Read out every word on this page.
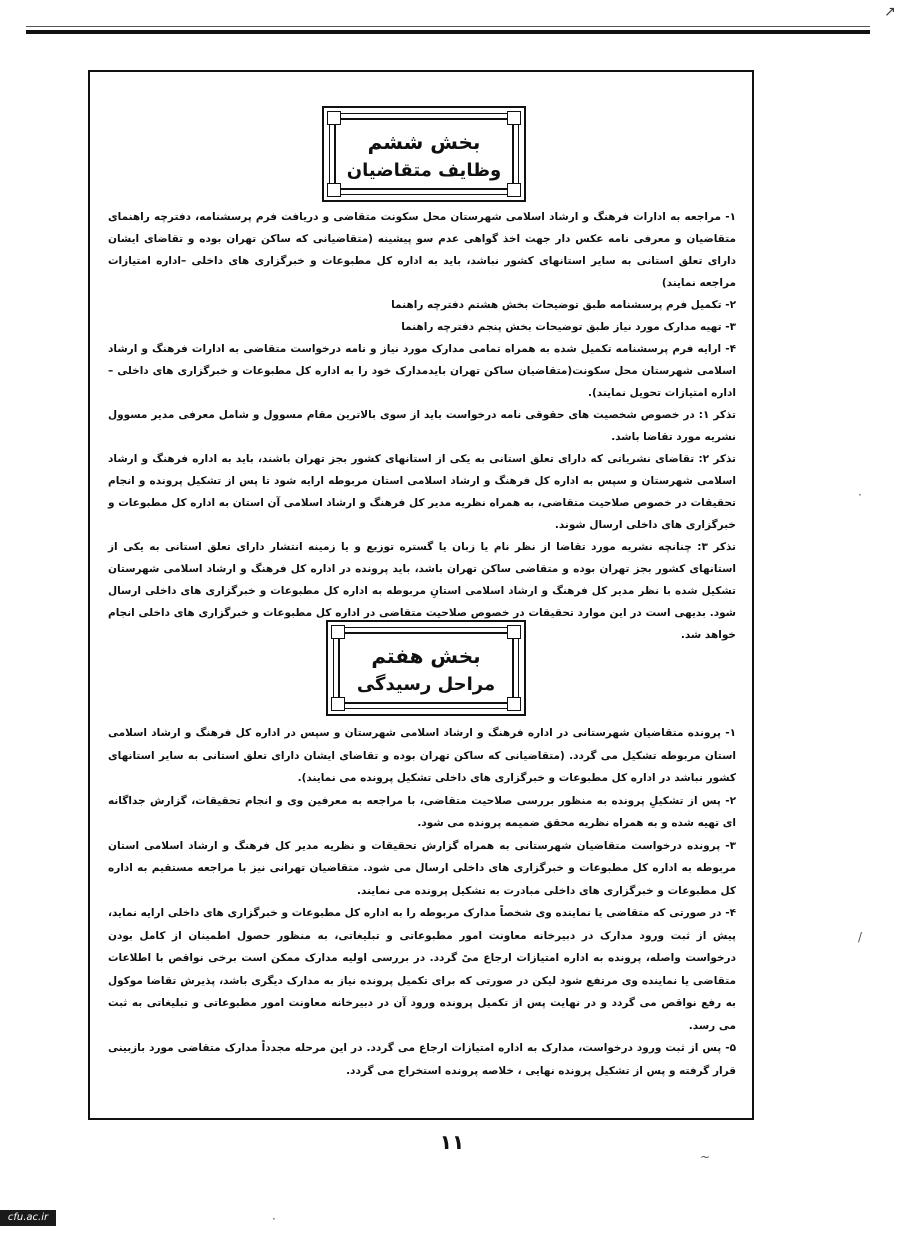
↗
·
/
~
·
بخش ششم
وظایف متقاضیان

۱- مراجعه به ادارات فرهنگ و ارشاد اسلامی شهرستان محل سکونت متقاضی و دریافت فرم پرسشنامه، دفترچه راهنمای متقاضیان و معرفی نامه عکس دار جهت اخذ گواهی عدم سو پیشینه (متقاضیانی که ساکن تهران بوده و تقاضای ایشان دارای تعلق استانی به سایر استانهای کشور نباشد، باید به اداره کل مطبوعات و خبرگزاری های داخلی –اداره امتیازات مراجعه نمایند)

۲- تکمیل فرم پرسشنامه طبق توضیحات بخش هشتم دفترچه راهنما

۳- تهیه مدارک مورد نیاز طبق توضیحات بخش پنجم دفترچه راهنما

۴- ارایه فرم پرسشنامه تکمیل شده به همراه تمامی مدارک مورد نیاز و نامه درخواست متقاضی به ادارات فرهنگ و ارشاد اسلامی شهرستان محل سکونت(متقاضیان ساکن تهران بایدمدارک خود را به اداره کل مطبوعات و خبرگزاری های داخلی –اداره امتیازات تحویل نمایند).

تذکر ۱: در خصوص شخصیت های حقوقی نامه درخواست باید از سوی بالاترین مقام مسوول و شامل معرفی مدیر مسوول نشریه مورد تقاضا باشد.

تذکر ۲: تقاضای نشریاتی که دارای تعلق استانی به یکی از استانهای کشور بجز تهران باشند، باید به اداره فرهنگ و ارشاد اسلامی شهرستان و سپس به اداره کل فرهنگ و ارشاد اسلامی استان مربوطه ارایه شود تا پس از تشکیل پرونده و انجام تحقیقات در خصوص صلاحیت متقاضی، به همراه نظریه مدیر کل فرهنگ و ارشاد اسلامی آن استان به اداره کل مطبوعات و خبرگزاری های داخلی ارسال شوند.

تذکر ۳: چنانچه نشریه مورد تقاضا از نظر نام یا زبان یا گستره توزیع و یا زمینه انتشار دارای تعلق استانی به یکی از استانهای کشور بجز تهران بوده و متقاضی ساکن تهران باشد، باید پرونده در اداره کل فرهنگ و ارشاد اسلامی شهرستان تشکیل شده با نظر مدیر کل فرهنگ و ارشاد اسلامی استانِ مربوطه به اداره کل مطبوعات و خبرگزاری های داخلی ارسال شود. بدیهی است در این موارد تحقیقات در خصوص صلاحیت متقاضی در اداره کل مطبوعات و خبرگزاری های داخلی انجام خواهد شد.

بخش هفتم
مراحل رسیدگی

۱- پرونده متقاضیان شهرستانی در اداره فرهنگ و ارشاد اسلامی شهرستان و سپس در اداره کل فرهنگ و ارشاد اسلامی استان مربوطه تشکیل می گردد. (متقاضیانی که ساکن تهران بوده و تقاضای ایشان دارای تعلق استانی به سایر استانهای کشور نباشد در اداره کل مطبوعات و خبرگزاری های داخلی تشکیل پرونده می نمایند).

۲- پس از تشکیلِ پرونده به منظور بررسی صلاحیت متقاضی، با مراجعه به معرفین وی و انجام تحقیقات، گزارش جداگانه ای تهیه شده و به همراه نظریه محقق ضمیمه پرونده می شود.

۳- پرونده درخواست متقاضیان شهرستانی به همراه گزارش تحقیقات و نظریه مدیر کل فرهنگ و ارشاد اسلامی استان مربوطه به اداره کل مطبوعات و خبرگزاری های داخلی ارسال می شود. متقاضیان تهرانی نیز با مراجعه مستقیم به اداره کل مطبوعات و خبرگزاری های داخلی مبادرت به تشکیل پرونده می نمایند.

۴- در صورتی که متقاضی یا نماینده وی شخصاً مدارک مربوطه را به اداره کل مطبوعات و خبرگزاری های داخلی ارایه نماید، پیش از ثبت ورود مدارک در دبیرخانه معاونت امور مطبوعاتی و تبلیغاتی، به منظور حصول اطمینان از کامل بودن درخواست واصله، پرونده به اداره امتیازات ارجاع میً گردد. در بررسی اولیه مدارک ممکن است برخی نواقص با اطلاعات متقاضی یا نماینده وی مرتفع شود لیکن در صورتی که برای تکمیل پرونده نیاز به مدارک دیگری باشد، پذیرش تقاضا موکول به رفع نواقص می گردد و در نهایت پس از تکمیل پرونده ورود آن در دبیرخانه معاونت امور مطبوعاتی و تبلیغاتی به ثبت می رسد.

۵- پس از ثبت ورود درخواست، مدارک به اداره امتیازات ارجاع می گردد. در این مرحله مجدداً مدارک متقاضی مورد بازبینی قرار گرفته و پس از تشکیل پرونده نهایی ، خلاصه پرونده استخراج می گردد.

۱۱
cfu.ac.ir
